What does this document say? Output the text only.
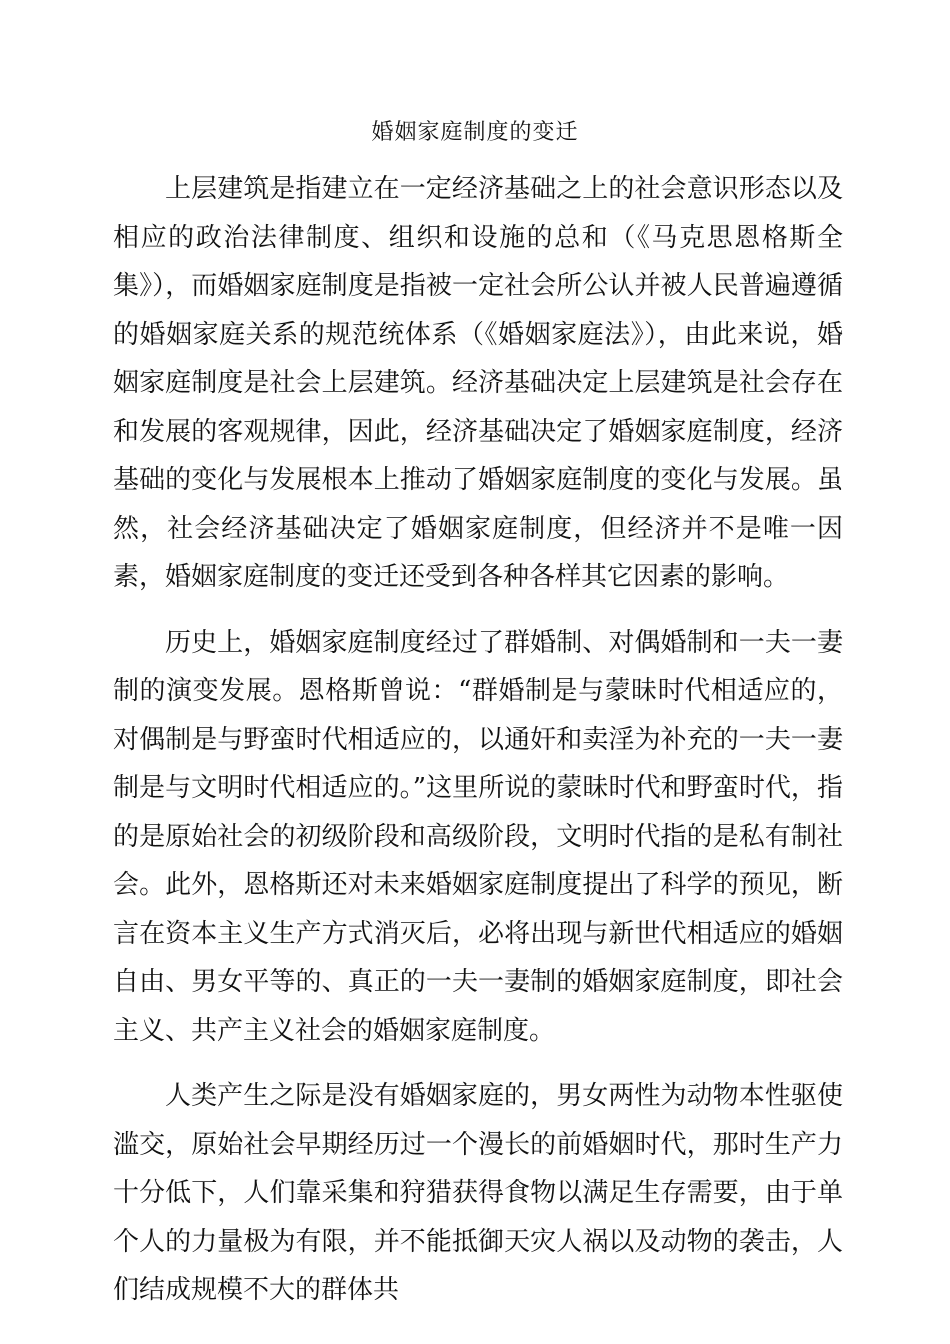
婚姻家庭制度的变迁

上层建筑是指建立在一定经济基础之上的社会意识形态以及相应的政治法律制度、组织和设施的总和（《马克思恩格斯全集》），而婚姻家庭制度是指被一定社会所公认并被人民普遍遵循的婚姻家庭关系的规范统体系（《婚姻家庭法》），由此来说，婚姻家庭制度是社会上层建筑。经济基础决定上层建筑是社会存在和发展的客观规律，因此，经济基础决定了婚姻家庭制度，经济基础的变化与发展根本上推动了婚姻家庭制度的变化与发展。虽然，社会经济基础决定了婚姻家庭制度，但经济并不是唯一因素，婚姻家庭制度的变迁还受到各种各样其它因素的影响。

历史上，婚姻家庭制度经过了群婚制、对偶婚制和一夫一妻制的演变发展。恩格斯曾说：“群婚制是与蒙昧时代相适应的，对偶制是与野蛮时代相适应的，以通奸和卖淫为补充的一夫一妻制是与文明时代相适应的。”这里所说的蒙昧时代和野蛮时代，指的是原始社会的初级阶段和高级阶段，文明时代指的是私有制社会。此外，恩格斯还对未来婚姻家庭制度提出了科学的预见，断言在资本主义生产方式消灭后，必将出现与新世代相适应的婚姻自由、男女平等的、真正的一夫一妻制的婚姻家庭制度，即社会主义、共产主义社会的婚姻家庭制度。

人类产生之际是没有婚姻家庭的，男女两性为动物本性驱使滥交，原始社会早期经历过一个漫长的前婚姻时代，那时生产力十分低下，人们靠采集和狩猎获得食物以满足生存需要，由于单个人的力量极为有限，并不能抵御天灾人祸以及动物的袭击，人们结成规模不大的群体共
